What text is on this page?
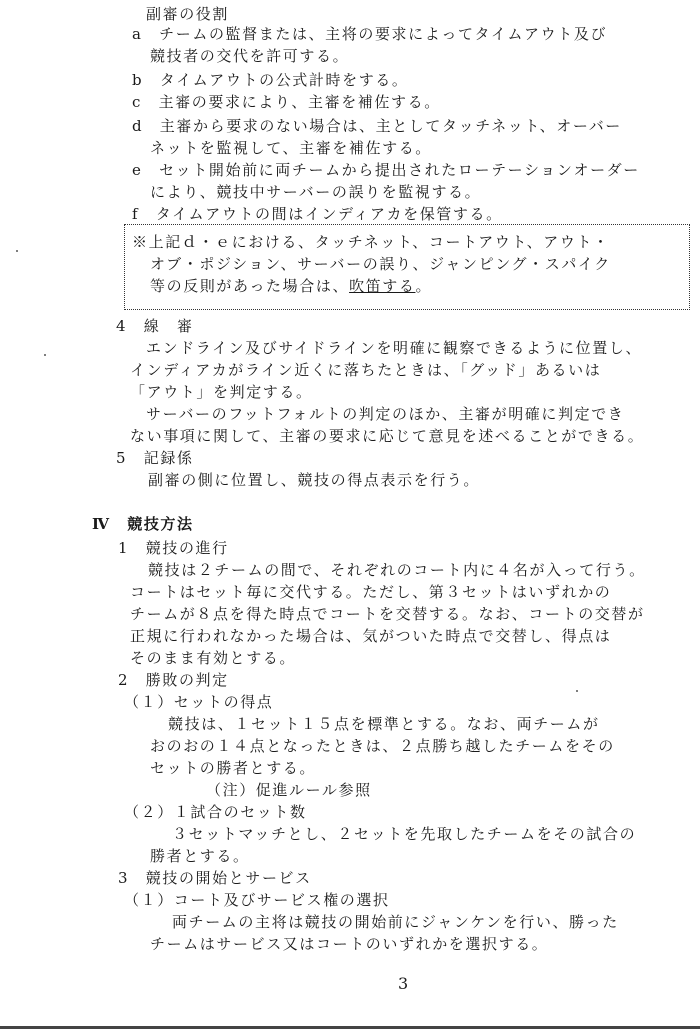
副審の役割
a　チームの監督または、主将の要求によってタイムアウト及び
競技者の交代を許可する。
b　タイムアウトの公式計時をする。
c　主審の要求により、主審を補佐する。
d　主審から要求のない場合は、主としてタッチネット、オーバー
ネットを監視して、主審を補佐する。
e　セット開始前に両チームから提出されたローテーションオーダー
により、競技中サーバーの誤りを監視する。
f　タイムアウトの間はインディアカを保管する。
※上記ｄ・ｅにおける、タッチネット、コートアウト、アウト・
オブ・ポジション、サーバーの誤り、ジャンピング・スパイク
等の反則があった場合は、吹笛する。
4　線　審
エンドライン及びサイドラインを明確に観察できるように位置し、
インディアカがライン近くに落ちたときは、「グッド」あるいは
「アウト」を判定する。
サーバーのフットフォルトの判定のほか、主審が明確に判定でき
ない事項に関して、主審の要求に応じて意見を述べることができる。
5　記録係
副審の側に位置し、競技の得点表示を行う。
Ⅳ　競技方法
1　競技の進行
競技は２チームの間で、それぞれのコート内に４名が入って行う。
コートはセット毎に交代する。ただし、第３セットはいずれかの
チームが８点を得た時点でコートを交替する。なお、コートの交替が
正規に行われなかった場合は、気がついた時点で交替し、得点は
そのまま有効とする。
2　勝敗の判定
（１）セットの得点
競技は、１セット１５点を標準とする。なお、両チームが
おのおの１４点となったときは、２点勝ち越したチームをその
セットの勝者とする。
（注）促進ルール参照
（２）１試合のセット数
３セットマッチとし、２セットを先取したチームをその試合の
勝者とする。
3　競技の開始とサービス
（１）コート及びサービス権の選択
両チームの主将は競技の開始前にジャンケンを行い、勝った
チームはサービス又はコートのいずれかを選択する。
3
